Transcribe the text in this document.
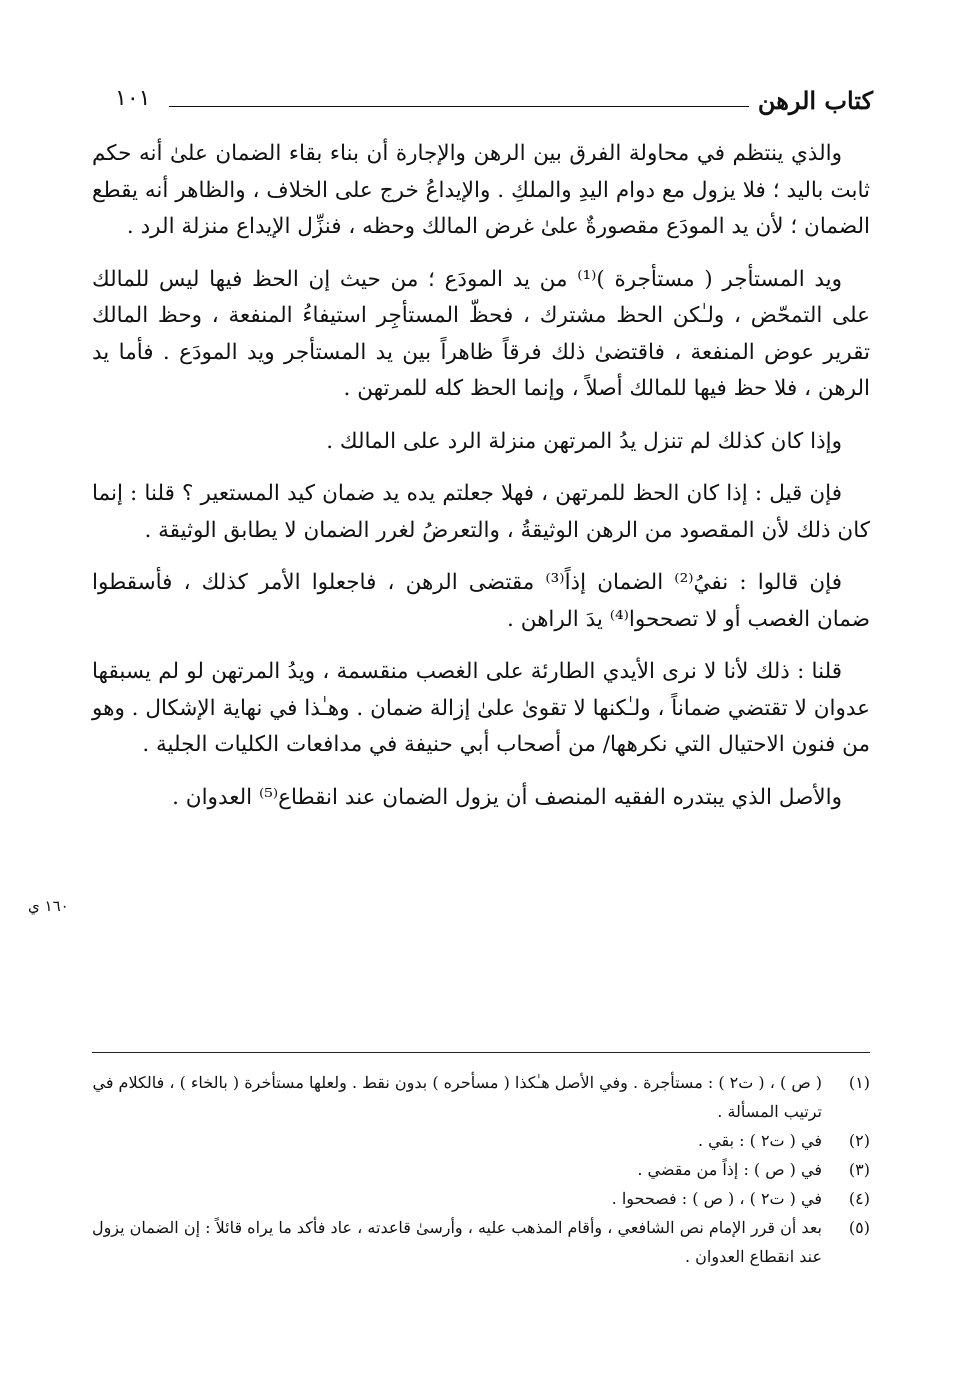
كتاب الرهن
١٠١

والذي ينتظم في محاولة الفرق بين الرهن والإجارة أن بناء بقاء الضمان علىٰ أنه حكم ثابت باليد ؛ فلا يزول مع دوام اليدِ والملكِ . والإيداعُ خرج على الخلاف ، والظاهر أنه يقطع الضمان ؛ لأن يد المودَع مقصورةٌ علىٰ غرض المالك وحظه ، فنزِّل الإيداع منزلة الرد .

ويد المستأجر ( مستأجرة )⁽¹⁾ من يد المودَع ؛ من حيث إن الحظ فيها ليس للمالك على التمحّض ، ولـٰكن الحظ مشترك ، فحظّ المستأجِر استيفاءُ المنفعة ، وحظ المالك تقرير عوض المنفعة ، فاقتضىٰ ذلك فرقاً ظاهراً بين يد المستأجر ويد المودَع . فأما يد الرهن ، فلا حظ فيها للمالك أصلاً ، وإنما الحظ كله للمرتهن .

وإذا كان كذلك لم تنزل يدُ المرتهن منزلة الرد على المالك .

فإن قيل : إذا كان الحظ للمرتهن ، فهلا جعلتم يده يد ضمان كيد المستعير ؟ قلنا : إنما كان ذلك لأن المقصود من الرهن الوثيقةُ ، والتعرضُ لغرر الضمان لا يطابق الوثيقة .

فإن قالوا : نفيُ⁽²⁾ الضمان إذاً⁽³⁾ مقتضى الرهن ، فاجعلوا الأمر كذلك ، فأسقطوا ضمان الغصب أو لا تصححوا⁽⁴⁾ يدَ الراهن .

قلنا : ذلك لأنا لا نرى الأيدي الطارئة على الغصب منقسمة ، ويدُ المرتهن لو لم يسبقها عدوان لا تقتضي ضماناً ، ولـٰكنها لا تقوىٰ علىٰ إزالة ضمان . وهـٰذا في نهاية الإشكال . وهو من فنون الاحتيال التي نكرهها/ من أصحاب أبي حنيفة في مدافعات الكليات الجلية .

والأصل الذي يبتدره الفقيه المنصف أن يزول الضمان عند انقطاع⁽⁵⁾ العدوان .

١٦٠ ي
(١)
( ص ) ، ( ت٢ ) : مستأجرة . وفي الأصل هـٰكذا ( مسأحره ) بدون نقط . ولعلها مستأخرة ( بالخاء ) ، فالكلام في ترتيب المسألة .
(٢)
في ( ت٢ ) : بقي .
(٣)
في ( ص ) : إذاً من مقضي .
(٤)
في ( ت٢ ) ، ( ص ) : فصححوا .
(٥)
بعد أن قرر الإمام نص الشافعي ، وأقام المذهب عليه ، وأرسىٰ قاعدته ، عاد فأكد ما يراه قائلاً : إن الضمان يزول عند انقطاع العدوان .
